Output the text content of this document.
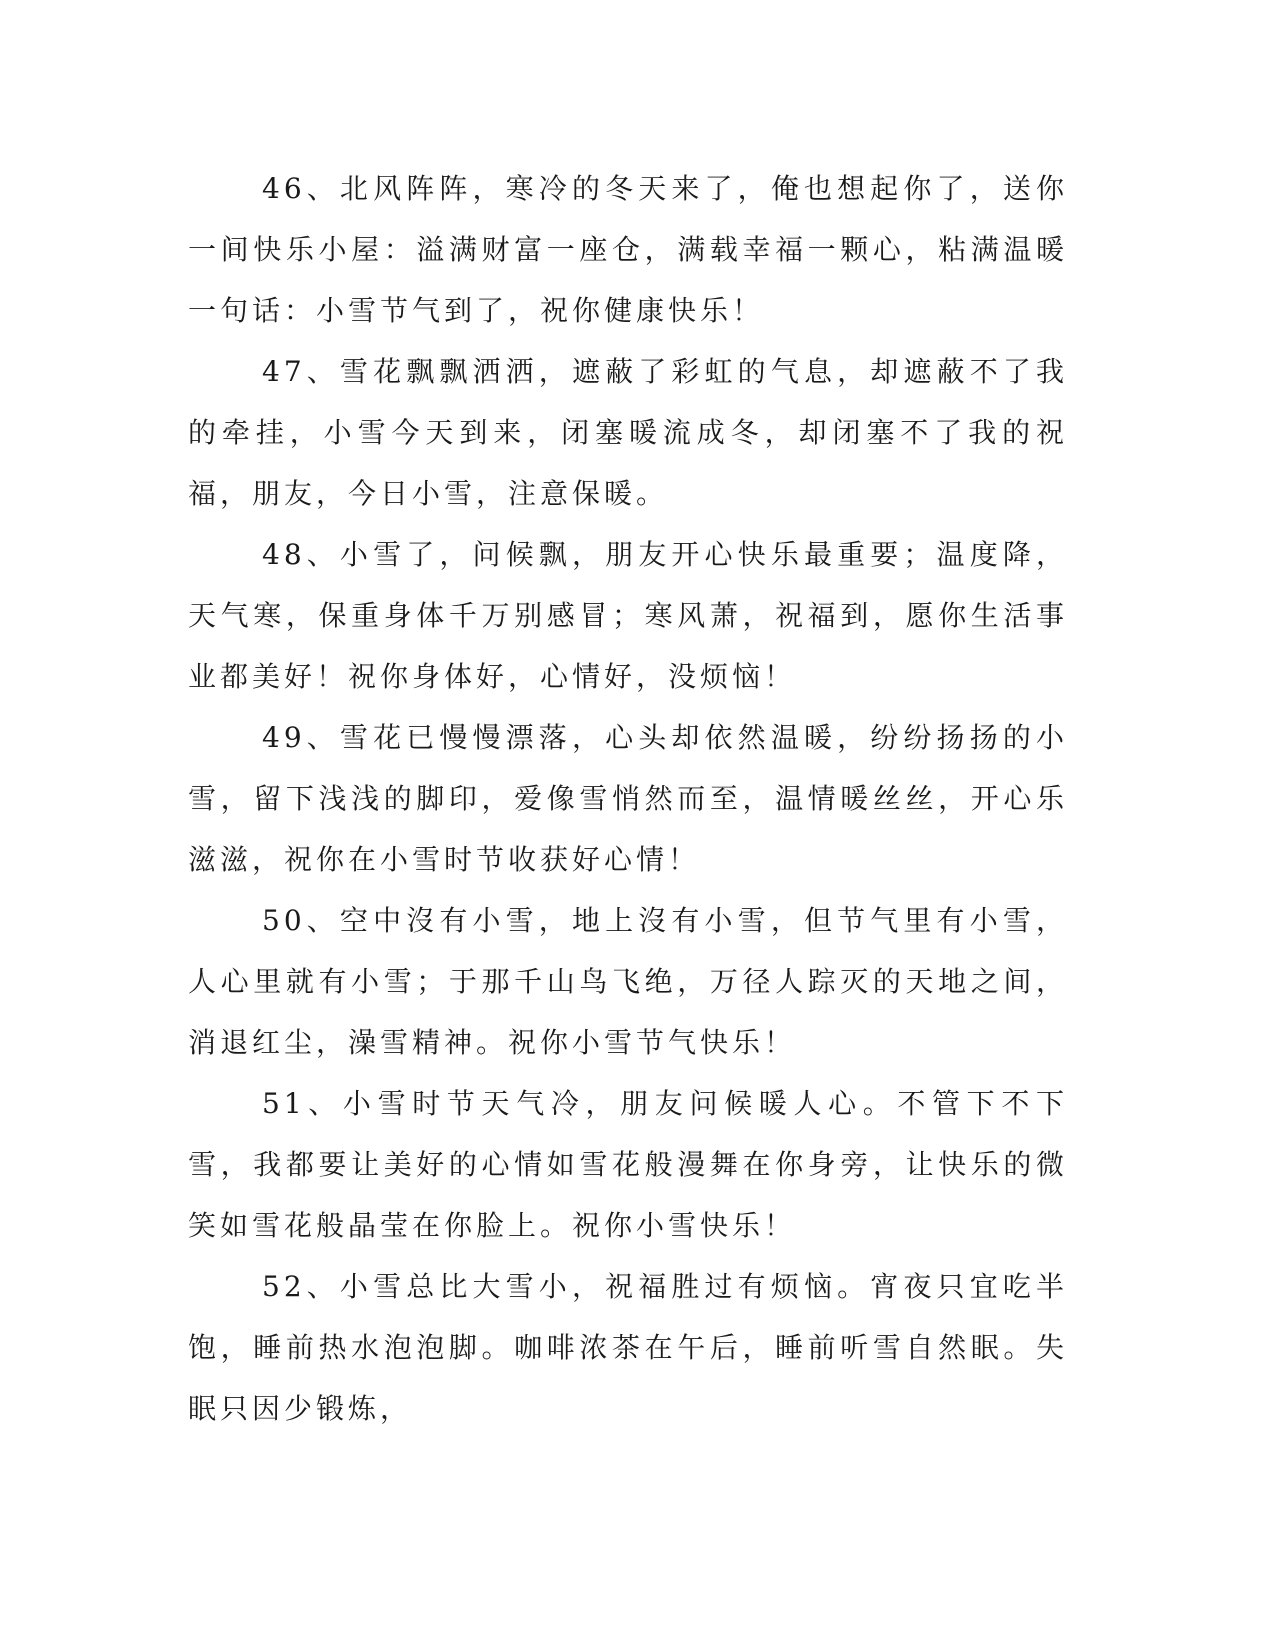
46、北风阵阵，寒冷的冬天来了，俺也想起你了，送你一间快乐小屋：溢满财富一座仓，满载幸福一颗心，粘满温暖一句话：小雪节气到了，祝你健康快乐！

47、雪花飘飘洒洒，遮蔽了彩虹的气息，却遮蔽不了我的牵挂，小雪今天到来，闭塞暖流成冬，却闭塞不了我的祝福，朋友，今日小雪，注意保暖。

48、小雪了，问候飘，朋友开心快乐最重要；温度降，天气寒，保重身体千万别感冒；寒风萧，祝福到，愿你生活事业都美好！祝你身体好，心情好，没烦恼！

49、雪花已慢慢漂落，心头却依然温暖，纷纷扬扬的小雪，留下浅浅的脚印，爱像雪悄然而至，温情暖丝丝，开心乐滋滋，祝你在小雪时节收获好心情！

50、空中沒有小雪，地上沒有小雪，但节气里有小雪，人心里就有小雪；于那千山鸟飞绝，万径人踪灭的天地之间，消退红尘，澡雪精神。祝你小雪节气快乐！

51、小雪时节天气冷，朋友问候暖人心。不管下不下雪，我都要让美好的心情如雪花般漫舞在你身旁，让快乐的微笑如雪花般晶莹在你脸上。祝你小雪快乐！

52、小雪总比大雪小，祝福胜过有烦恼。宵夜只宜吃半饱，睡前热水泡泡脚。咖啡浓茶在午后，睡前听雪自然眠。失眠只因少锻炼，
